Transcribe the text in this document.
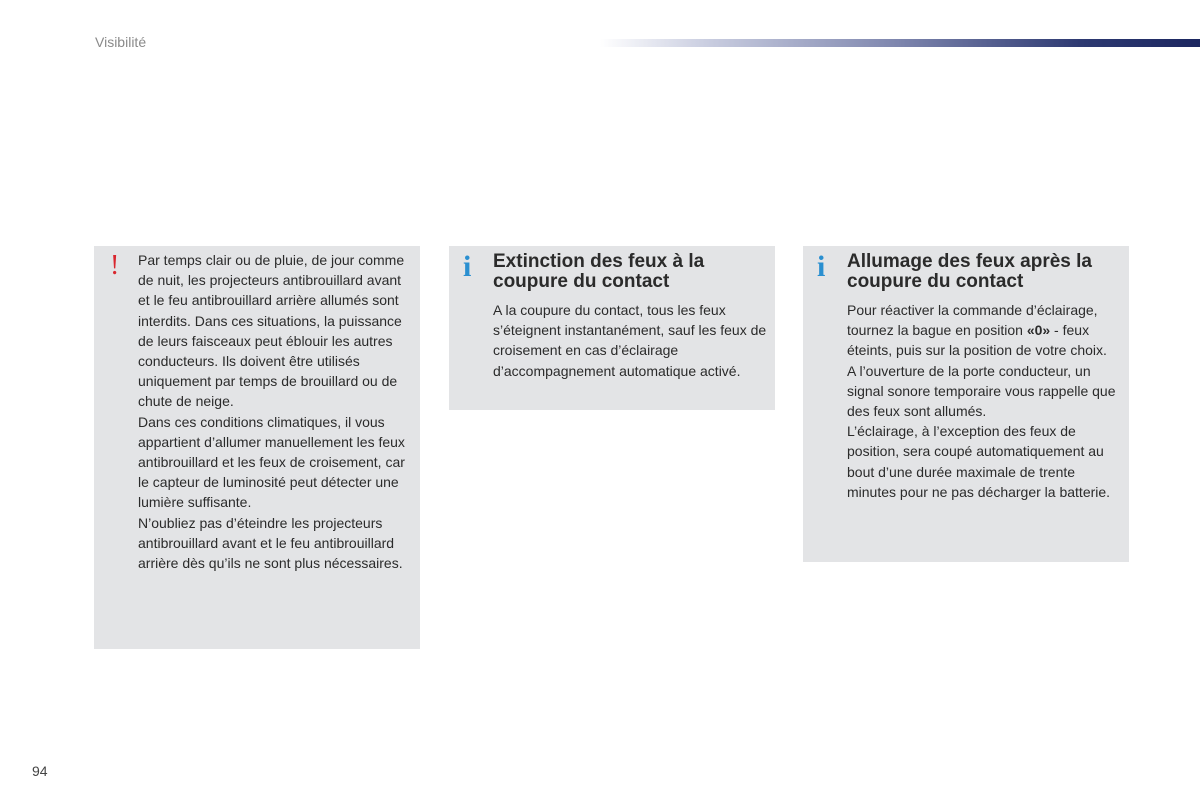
Visibilité
! Par temps clair ou de pluie, de jour comme de nuit, les projecteurs antibrouillard avant et le feu antibrouillard arrière allumés sont interdits. Dans ces situations, la puissance de leurs faisceaux peut éblouir les autres conducteurs. Ils doivent être utilisés uniquement par temps de brouillard ou de chute de neige.

Dans ces conditions climatiques, il vous appartient d’allumer manuellement les feux antibrouillard et les feux de croisement, car le capteur de luminosité peut détecter une lumière suffisante.

N’oubliez pas d’éteindre les projecteurs antibrouillard avant et le feu antibrouillard arrière dès qu’ils ne sont plus nécessaires.

i Extinction des feux à la coupure du contact

A la coupure du contact, tous les feux s’éteignent instantanément, sauf les feux de croisement en cas d’éclairage d’accompagnement automatique activé.

i Allumage des feux après la coupure du contact

Pour réactiver la commande d’éclairage, tournez la bague en position «0» - feux éteints, puis sur la position de votre choix.

A l’ouverture de la porte conducteur, un signal sonore temporaire vous rappelle que des feux sont allumés.

L’éclairage, à l’exception des feux de position, sera coupé automatiquement au bout d’une durée maximale de trente minutes pour ne pas décharger la batterie.

94
